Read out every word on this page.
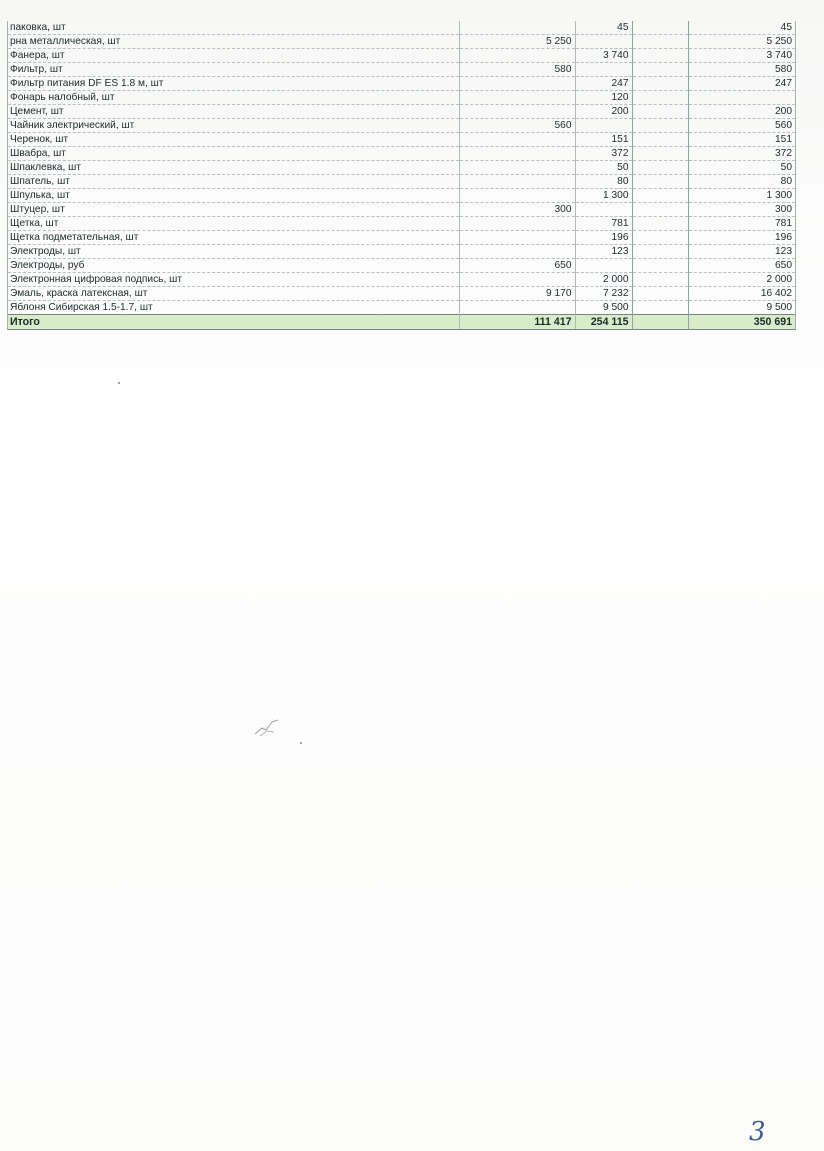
паковка, шт		45		45
рна металлическая, шт	5 250			5 250
Фанера, шт		3 740		3 740
Фильтр, шт	580			580
Фильтр питания DF ES 1.8 м, шт		247		247
Фонарь налобный, шт		120		
Цемент, шт		200		200
Чайник электрический, шт	560			560
Черенок, шт		151		151
Швабра, шт		372		372
Шпаклевка, шт		50		50
Шпатель, шт		80		80
Шпулька, шт		1 300		1 300
Штуцер, шт	300			300
Щетка, шт		781		781
Щетка подметательная, шт		196		196
Электроды, шт		123		123
Электроды, руб	650			650
Электронная цифровая подпись, шт		2 000		2 000
Эмаль, краска латексная, шт	9 170	7 232		16 402
Яблоня Сибирская 1.5-1.7, шт		9 500		9 500
Итого	111 417	254 115		350 691
3
